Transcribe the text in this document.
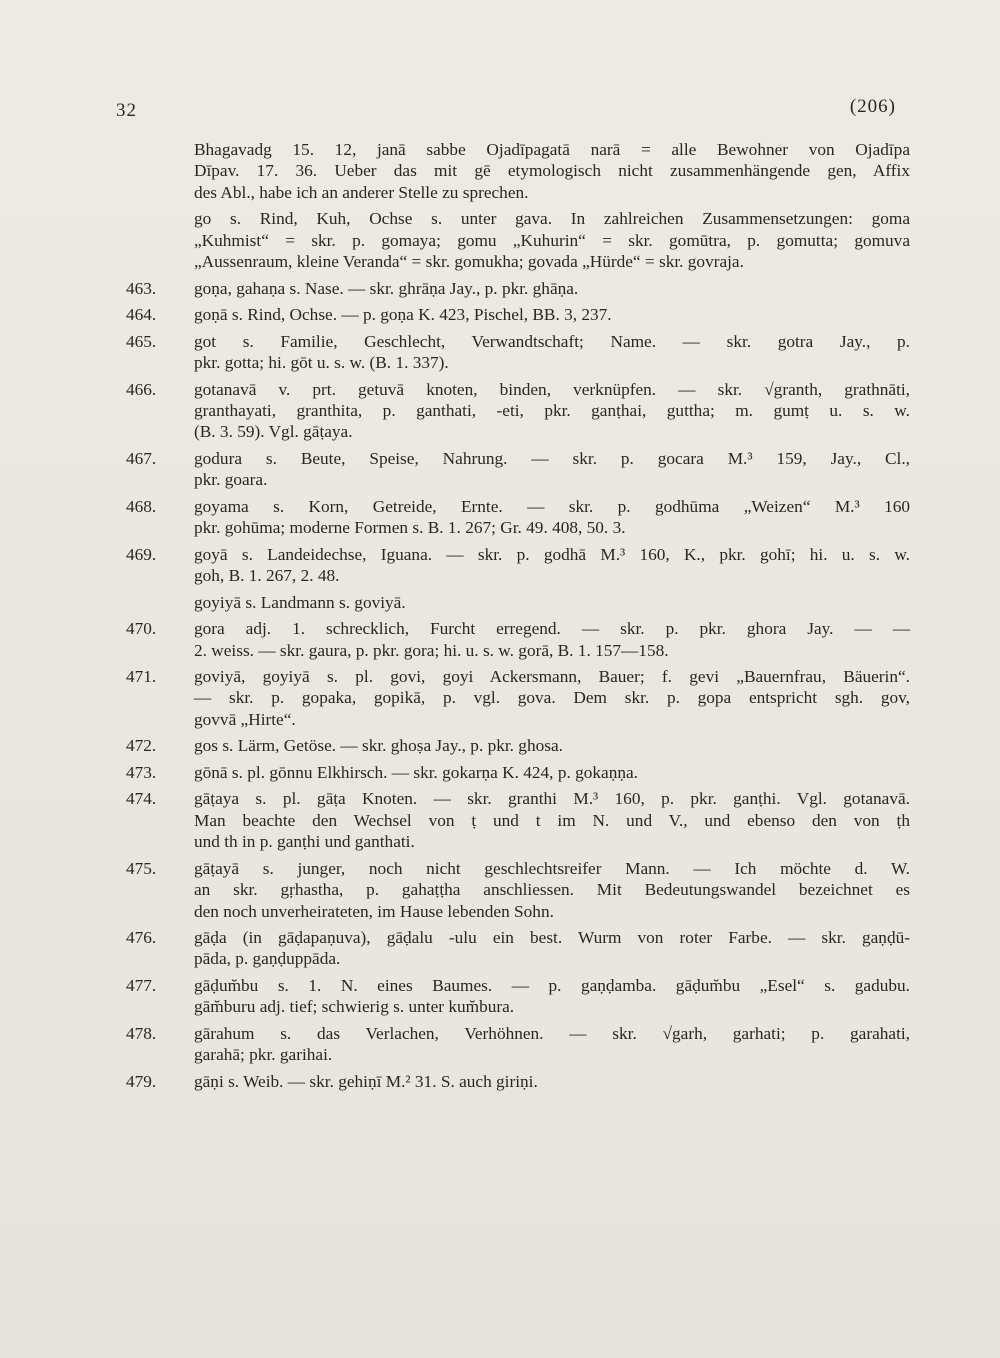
32	(206)
Bhagavadg 15. 12, janā sabbe Ojadīpagatā narā = alle Bewohner von Ojadīpa
Dīpav. 17. 36. Ueber das mit gē etymologisch nicht zusammenhängende gen, Affix
des Abl., habe ich an anderer Stelle zu sprechen.
go s. Rind, Kuh, Ochse s. unter gava. In zahlreichen Zusammensetzungen: goma
„Kuhmist“ = skr. p. gomaya; gomu „Kuhurin“ = skr. gomūtra, p. gomutta; gomuva
„Aussenraum, kleine Veranda“ = skr. gomukha; govada „Hürde“ = skr. govraja.
463.	goṇa, gahaṇa s. Nase. — skr. ghrāṇa Jay., p. pkr. ghāṇa.
464.	goṇā s. Rind, Ochse. — p. goṇa K. 423, Pischel, BB. 3, 237.
465.	got s. Familie, Geschlecht, Verwandtschaft; Name. — skr. gotra Jay., p.
pkr. gotta; hi. gōt u. s. w. (B. 1. 337).
466.	gotanavā v. prt. getuvā knoten, binden, verknüpfen. — skr. √granth, grathnāti,
granthayati, granthita, p. ganthati, -eti, pkr. ganṭhai, guttha; m. gumṭ u. s. w.
(B. 3. 59). Vgl. gāṭaya.
467.	godura s. Beute, Speise, Nahrung. — skr. p. gocara M.³ 159, Jay., Cl.,
pkr. goara.
468.	goyama s. Korn, Getreide, Ernte. — skr. p. godhūma „Weizen“ M.³ 160
pkr. gohūma; moderne Formen s. B. 1. 267; Gr. 49. 408, 50. 3.
469.	goyā s. Landeidechse, Iguana. — skr. p. godhā M.³ 160, K., pkr. gohī; hi. u. s. w.
goh, B. 1. 267, 2. 48.
goyiyā s. Landmann s. goviyā.
470.	gora adj. 1. schrecklich, Furcht erregend. — skr. p. pkr. ghora Jay. — —
2. weiss. — skr. gaura, p. pkr. gora; hi. u. s. w. gorā, B. 1. 157—158.
471.	goviyā, goyiyā s. pl. govi, goyi Ackersmann, Bauer; f. gevi „Bauernfrau, Bäuerin“.
— skr. p. gopaka, gopikā, p. vgl. gova. Dem skr. p. gopa entspricht sgh. gov,
govvā „Hirte“.
472.	gos s. Lärm, Getöse. — skr. ghoṣa Jay., p. pkr. ghosa.
473.	gōnā s. pl. gōnnu Elkhirsch. — skr. gokarṇa K. 424, p. gokaṇṇa.
474.	gāṭaya s. pl. gāṭa Knoten. — skr. granthi M.³ 160, p. pkr. ganṭhi. Vgl. gotanavā.
Man beachte den Wechsel von ṭ und t im N. und V., und ebenso den von ṭh
und th in p. ganṭhi und ganthati.
475.	gāṭayā s. junger, noch nicht geschlechtsreifer Mann. — Ich möchte d. W.
an skr. gṛhastha, p. gahaṭṭha anschliessen. Mit Bedeutungswandel bezeichnet es
den noch unverheirateten, im Hause lebenden Sohn.
476.	gāḍa (in gāḍapaṇuva), gāḍalu -ulu ein best. Wurm von roter Farbe. — skr. gaṇḍū-
pāda, p. gaṇḍuppāda.
477.	gāḍum̆bu s. 1. N. eines Baumes. — p. gaṇḍamba. gāḍum̆bu „Esel“ s. gadubu.
gām̆buru adj. tief; schwierig s. unter kum̆bura.
478.	gārahum s. das Verlachen, Verhöhnen. — skr. √garh, garhati; p. garahati,
garahā; pkr. garihai.
479.	gāṇi s. Weib. — skr. gehiṇī M.² 31. S. auch giriṇi.
